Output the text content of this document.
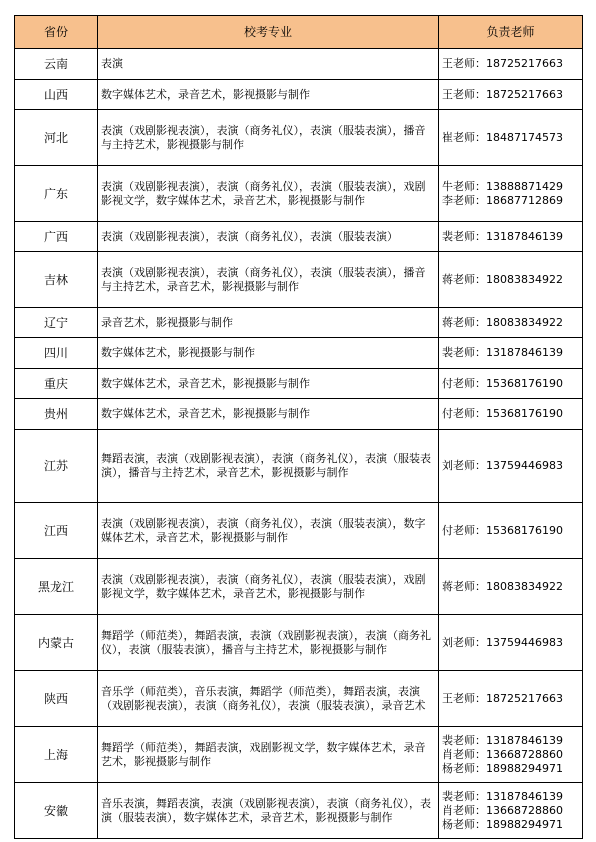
省份	校考专业	负责老师
云南	表演	王老师：18725217663

山西	数字媒体艺术，录音艺术，影视摄影与制作	王老师：18725217663

河北	表演（戏剧影视表演），表演（商务礼仪），表演（服装表演），播音与主持艺术，影视摄影与制作	崔老师：18487174573

广东	表演（戏剧影视表演），表演（商务礼仪），表演（服装表演），戏剧影视文学，数字媒体艺术，录音艺术，影视摄影与制作	牛老师：13888871429
李老师：18687712869

广西	表演（戏剧影视表演），表演（商务礼仪），表演（服装表演）	裴老师：13187846139

吉林	表演（戏剧影视表演），表演（商务礼仪），表演（服装表演），播音与主持艺术，录音艺术，影视摄影与制作	蒋老师：18083834922

辽宁	录音艺术，影视摄影与制作	蒋老师：18083834922

四川	数字媒体艺术，影视摄影与制作	裴老师：13187846139

重庆	数字媒体艺术，录音艺术，影视摄影与制作	付老师：15368176190

贵州	数字媒体艺术，录音艺术，影视摄影与制作	付老师：15368176190

江苏	舞蹈表演，表演（戏剧影视表演），表演（商务礼仪），表演（服装表演），播音与主持艺术，录音艺术，影视摄影与制作	刘老师：13759446983

江西	表演（戏剧影视表演），表演（商务礼仪），表演（服装表演），数字媒体艺术，录音艺术，影视摄影与制作	付老师：15368176190

黑龙江	表演（戏剧影视表演），表演（商务礼仪），表演（服装表演），戏剧影视文学，数字媒体艺术，录音艺术，影视摄影与制作	蒋老师：18083834922

内蒙古	舞蹈学（师范类），舞蹈表演，表演（戏剧影视表演），表演（商务礼仪），表演（服装表演），播音与主持艺术，影视摄影与制作	刘老师：13759446983

陕西	音乐学（师范类），音乐表演，舞蹈学（师范类），舞蹈表演，表演（戏剧影视表演），表演（商务礼仪），表演（服装表演），录音艺术	王老师：18725217663

上海	舞蹈学（师范类），舞蹈表演，戏剧影视文学，数字媒体艺术，录音艺术，影视摄影与制作	裴老师：13187846139
肖老师：13668728860
杨老师：18988294971

安徽	音乐表演，舞蹈表演，表演（戏剧影视表演），表演（商务礼仪），表演（服装表演），数字媒体艺术，录音艺术，影视摄影与制作	裴老师：13187846139
肖老师：13668728860
杨老师：18988294971
